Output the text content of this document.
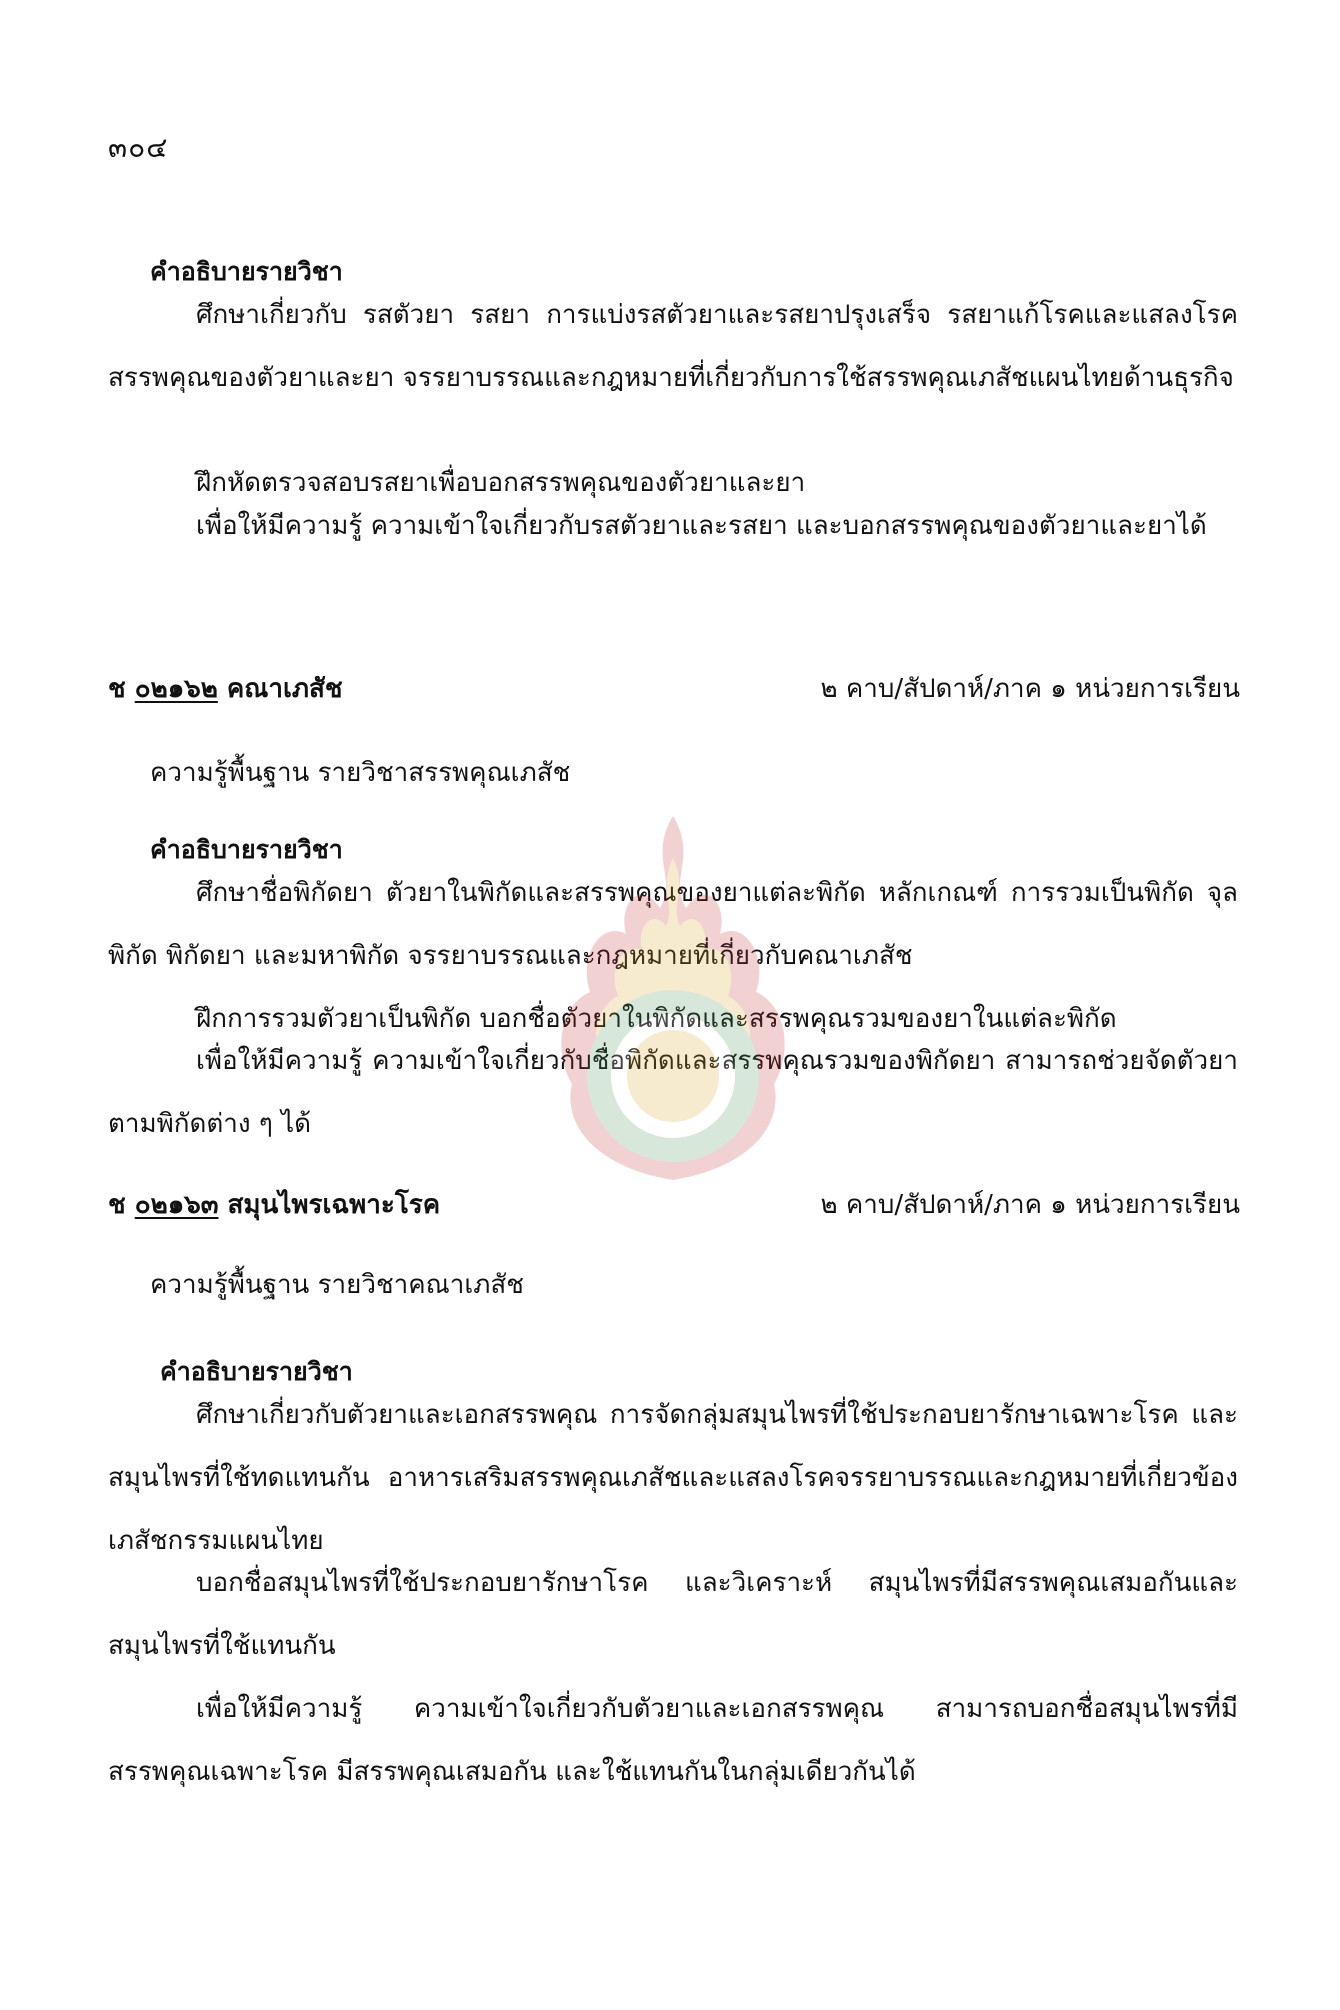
๓๐๔
คำอธิบายรายวิชา

ศึกษาเกี่ยวกับ รสตัวยา รสยา การแบ่งรสตัวยาและรสยาปรุงเสร็จ รสยาแก้โรคและแสลงโรค สรรพคุณของตัวยาและยา จรรยาบรรณและกฎหมายที่เกี่ยวกับการใช้สรรพคุณเภสัชแผนไทยด้านธุรกิจ

ฝึกหัดตรวจสอบรสยาเพื่อบอกสรรพคุณของตัวยาและยา

เพื่อให้มีความรู้ ความเข้าใจเกี่ยวกับรสตัวยาและรสยา และบอกสรรพคุณของตัวยาและยาได้

ช ๐๒๑๖๒ คณาเภสัช	๒ คาบ/สัปดาห์/ภาค ๑ หน่วยการเรียน
ความรู้พื้นฐาน รายวิชาสรรพคุณเภสัช
คำอธิบายรายวิชา

ศึกษาชื่อพิกัดยา ตัวยาในพิกัดและสรรพคุณของยาแต่ละพิกัด หลักเกณฑ์ การรวมเป็นพิกัด จุลพิกัด พิกัดยา และมหาพิกัด จรรยาบรรณและกฎหมายที่เกี่ยวกับคณาเภสัช

ฝึกการรวมตัวยาเป็นพิกัด บอกชื่อตัวยาในพิกัดและสรรพคุณรวมของยาในแต่ละพิกัด

เพื่อให้มีความรู้ ความเข้าใจเกี่ยวกับชื่อพิกัดและสรรพคุณรวมของพิกัดยา สามารถช่วยจัดตัวยาตามพิกัดต่าง ๆ ได้

ช ๐๒๑๖๓ สมุนไพรเฉพาะโรค	๒ คาบ/สัปดาห์/ภาค ๑ หน่วยการเรียน
ความรู้พื้นฐาน รายวิชาคณาเภสัช
คำอธิบายรายวิชา

ศึกษาเกี่ยวกับตัวยาและเอกสรรพคุณ การจัดกลุ่มสมุนไพรที่ใช้ประกอบยารักษาเฉพาะโรค และสมุนไพรที่ใช้ทดแทนกัน อาหารเสริมสรรพคุณเภสัชและแสลงโรคจรรยาบรรณและกฎหมายที่เกี่ยวข้องเภสัชกรรมแผนไทย

บอกชื่อสมุนไพรที่ใช้ประกอบยารักษาโรค และวิเคราะห์ สมุนไพรที่มีสรรพคุณเสมอกันและสมุนไพรที่ใช้แทนกัน

เพื่อให้มีความรู้ ความเข้าใจเกี่ยวกับตัวยาและเอกสรรพคุณ สามารถบอกชื่อสมุนไพรที่มีสรรพคุณเฉพาะโรค มีสรรพคุณเสมอกัน และใช้แทนกันในกลุ่มเดียวกันได้
